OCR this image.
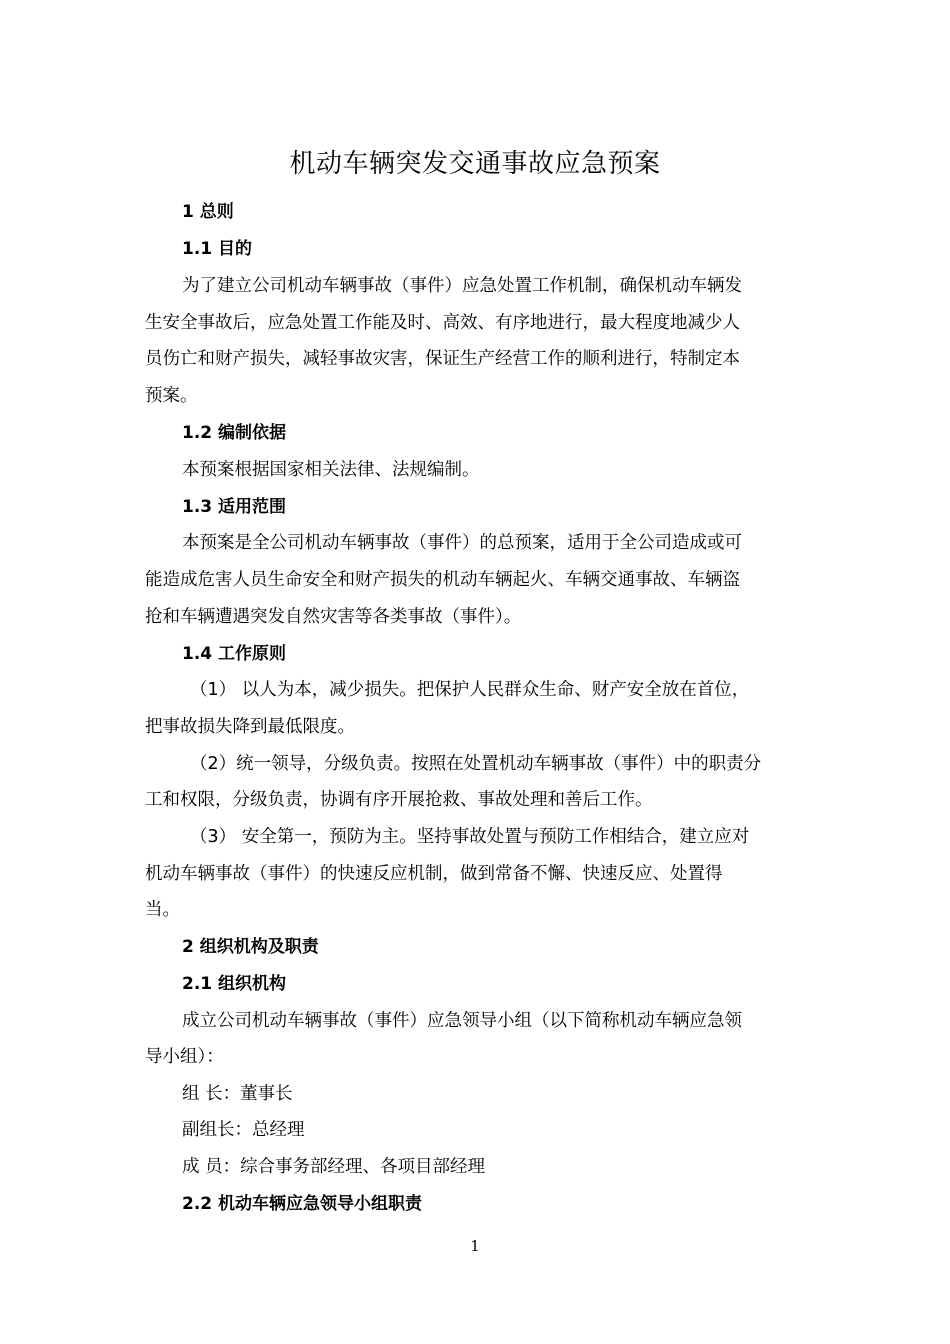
机动车辆突发交通事故应急预案
1 总则
1.1 目的
为了建立公司机动车辆事故（事件）应急处置工作机制，确保机动车辆发
生安全事故后，应急处置工作能及时、高效、有序地进行，最大程度地减少人
员伤亡和财产损失，减轻事故灾害，保证生产经营工作的顺利进行，特制定本
预案。
1.2 编制依据
本预案根据国家相关法律、法规编制。
1.3 适用范围
本预案是全公司机动车辆事故（事件）的总预案，适用于全公司造成或可
能造成危害人员生命安全和财产损失的机动车辆起火、车辆交通事故、车辆盗
抢和车辆遭遇突发自然灾害等各类事故（事件）。
1.4 工作原则
（1） 以人为本，减少损失。把保护人民群众生命、财产安全放在首位，
把事故损失降到最低限度。
（2）统一领导，分级负责。按照在处置机动车辆事故（事件）中的职责分
工和权限，分级负责，协调有序开展抢救、事故处理和善后工作。
（3） 安全第一，预防为主。坚持事故处置与预防工作相结合，建立应对
机动车辆事故（事件）的快速反应机制，做到常备不懈、快速反应、处置得
当。
2 组织机构及职责
2.1 组织机构
成立公司机动车辆事故（事件）应急领导小组（以下简称机动车辆应急领
导小组）：
组 长：董事长
副组长：总经理
成 员：综合事务部经理、各项目部经理
2.2 机动车辆应急领导小组职责
1
